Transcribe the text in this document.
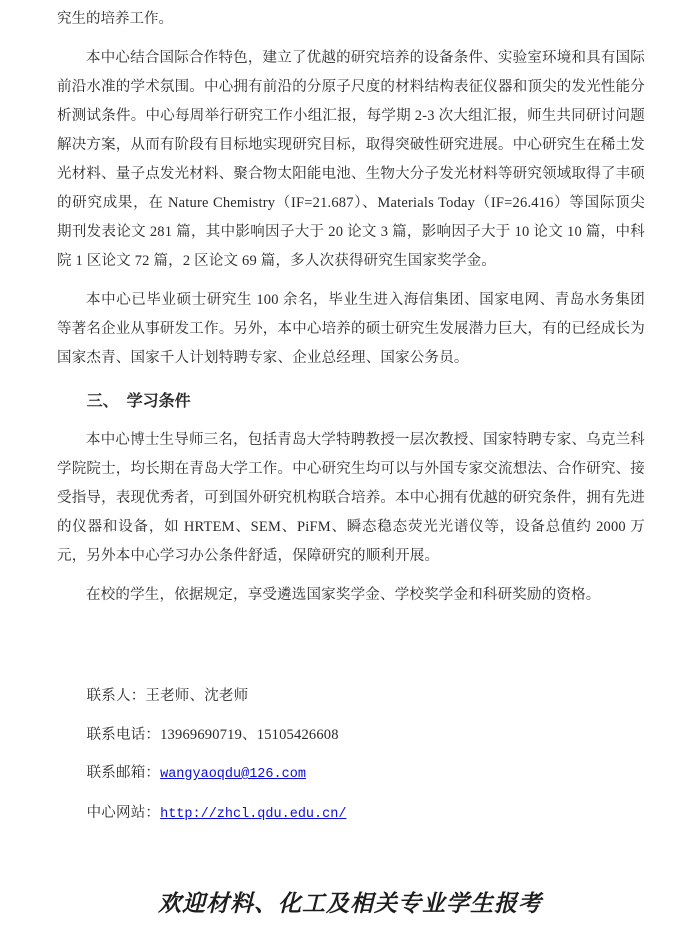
究生的培养工作。

本中心结合国际合作特色，建立了优越的研究培养的设备条件、实验室环境和具有国际前沿水准的学术氛围。中心拥有前沿的分原子尺度的材料结构表征仪器和顶尖的发光性能分析测试条件。中心每周举行研究工作小组汇报，每学期 2-3 次大组汇报，师生共同研讨问题解决方案，从而有阶段有目标地实现研究目标，取得突破性研究进展。中心研究生在稀土发光材料、量子点发光材料、聚合物太阳能电池、生物大分子发光材料等研究领域取得了丰硕的研究成果，在 Nature Chemistry（IF=21.687）、Materials Today（IF=26.416）等国际顶尖期刊发表论文 281 篇，其中影响因子大于 20 论文 3 篇，影响因子大于 10 论文 10 篇，中科院 1 区论文 72 篇，2 区论文 69 篇，多人次获得研究生国家奖学金。

本中心已毕业硕士研究生 100 余名，毕业生进入海信集团、国家电网、青岛水务集团等著名企业从事研发工作。另外，本中心培养的硕士研究生发展潜力巨大，有的已经成长为国家杰青、国家千人计划特聘专家、企业总经理、国家公务员。

三、　学习条件

本中心博士生导师三名，包括青岛大学特聘教授一层次教授、国家特聘专家、乌克兰科学院院士，均长期在青岛大学工作。中心研究生均可以与外国专家交流想法、合作研究、接受指导，表现优秀者，可到国外研究机构联合培养。本中心拥有优越的研究条件，拥有先进的仪器和设备，如 HRTEM、SEM、PiFM、瞬态稳态荧光光谱仪等，设备总值约 2000 万元，另外本中心学习办公条件舒适，保障研究的顺利开展。

在校的学生，依据规定，享受遴选国家奖学金、学校奖学金和科研奖励的资格。

联系人：王老师、沈老师

联系电话：13969690719、15105426608

联系邮箱：wangyaoqdu@126.com

中心网站：http://zhcl.qdu.edu.cn/

欢迎材料、化工及相关专业学生报考
